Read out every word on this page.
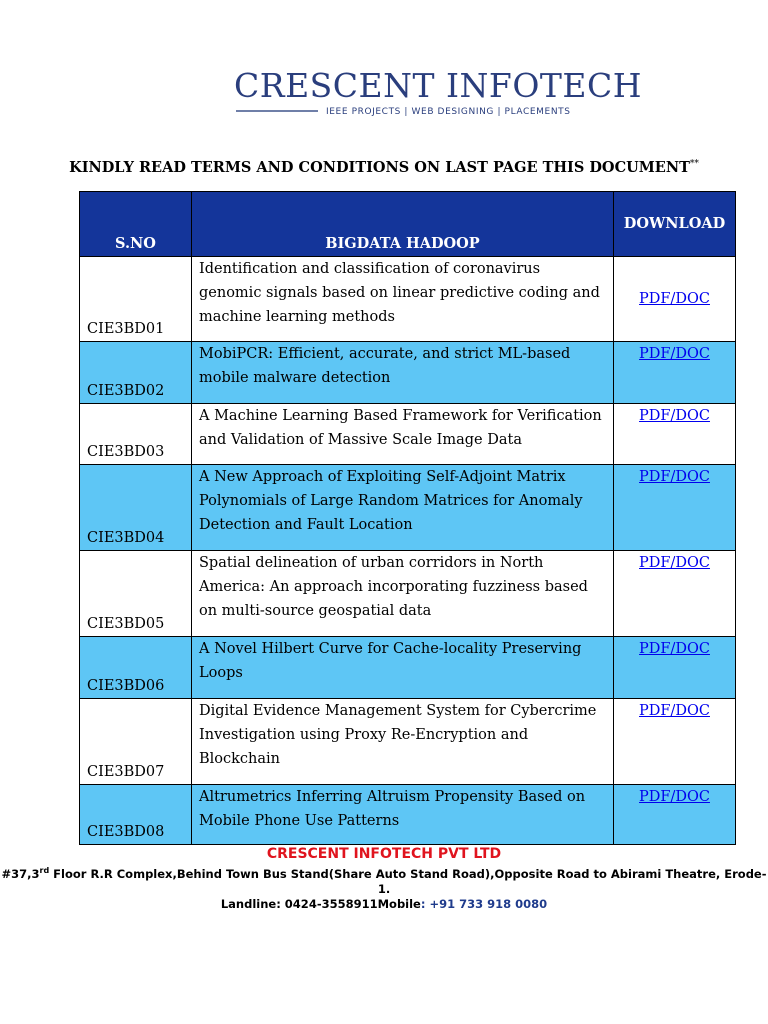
CRESCENT INFOTECH
IEEE PROJECTS | WEB DESIGNING | PLACEMENTS
KINDLY READ TERMS AND CONDITIONS ON LAST PAGE THIS DOCUMENT**
S.NO	BIGDATA HADOOP	DOWNLOAD
CIE3BD01	Identification and classification of coronavirus genomic signals based on linear predictive coding and machine learning methods	PDF/DOC
CIE3BD02	MobiPCR: Efficient, accurate, and strict ML-based mobile malware detection	PDF/DOC
CIE3BD03	A Machine Learning Based Framework for Verification and Validation of Massive Scale Image Data	PDF/DOC
CIE3BD04	A New Approach of Exploiting Self-Adjoint Matrix Polynomials of Large Random Matrices for Anomaly Detection and Fault Location	PDF/DOC
CIE3BD05	Spatial delineation of urban corridors in North America: An approach incorporating fuzziness based on multi-source geospatial data	PDF/DOC
CIE3BD06	A Novel Hilbert Curve for Cache-locality Preserving Loops	PDF/DOC
CIE3BD07	Digital Evidence Management System for Cybercrime Investigation using Proxy Re-Encryption and Blockchain	PDF/DOC
CIE3BD08	Altrumetrics Inferring Altruism Propensity Based on Mobile Phone Use Patterns	PDF/DOC
CRESCENT INFOTECH PVT LTD
#37,3rd Floor R.R Complex,Behind Town Bus Stand(Share Auto Stand Road),Opposite Road to Abirami Theatre, Erode-1.
Landline: 0424-3558911Mobile: +91 733 918 0080
